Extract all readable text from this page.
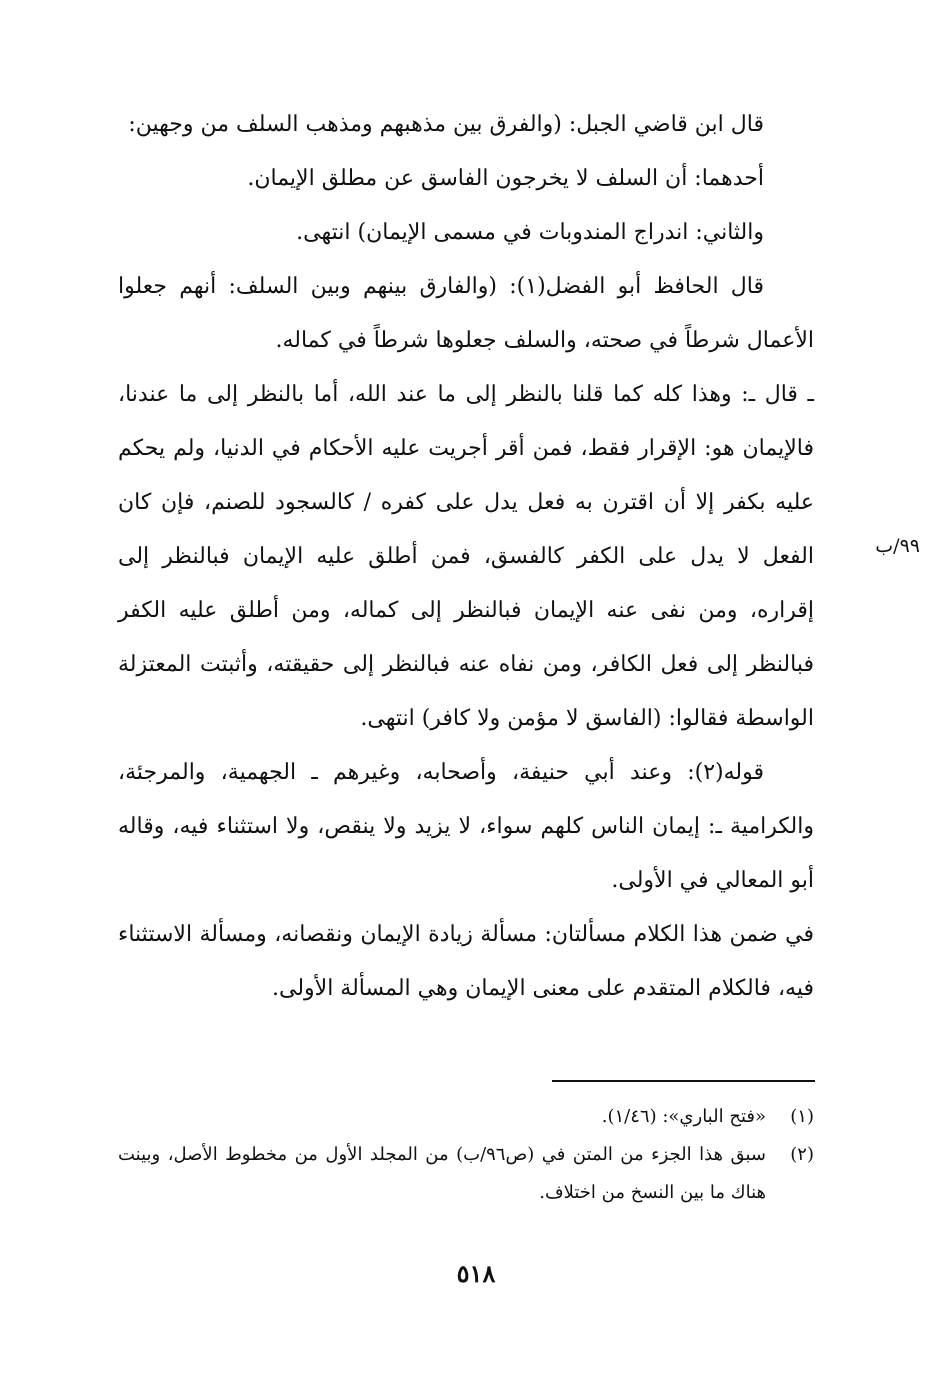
قال ابن قاضي الجبل: (والفرق بين مذهبهم ومذهب السلف من وجهين:

أحدهما: أن السلف لا يخرجون الفاسق عن مطلق الإيمان.

والثاني: اندراج المندوبات في مسمى الإيمان) انتهى.

قال الحافظ أبو الفضل(١): (والفارق بينهم وبين السلف: أنهم جعلوا الأعمال شرطاً في صحته، والسلف جعلوها شرطاً في كماله.

ـ قال ـ: وهذا كله كما قلنا بالنظر إلى ما عند الله، أما بالنظر إلى ما عندنا، فالإيمان هو: الإقرار فقط، فمن أقر أجريت عليه الأحكام في الدنيا، ولم يحكم عليه بكفر إلا أن اقترن به فعل يدل على كفره / كالسجود للصنم، فإن كان الفعل لا يدل على الكفر كالفسق، فمن أطلق عليه الإيمان فبالنظر إلى إقراره، ومن نفى عنه الإيمان فبالنظر إلى كماله، ومن أطلق عليه الكفر فبالنظر إلى فعل الكافر، ومن نفاه عنه فبالنظر إلى حقيقته، وأثبتت المعتزلة الواسطة فقالوا: (الفاسق لا مؤمن ولا كافر) انتهى.

قوله(٢): وعند أبي حنيفة، وأصحابه، وغيرهم ـ الجهمية، والمرجئة، والكرامية ـ: إيمان الناس كلهم سواء، لا يزيد ولا ينقص، ولا استثناء فيه، وقاله أبو المعالي في الأولى.

في ضمن هذا الكلام مسألتان: مسألة زيادة الإيمان ونقصانه، ومسألة الاستثناء فيه، فالكلام المتقدم على معنى الإيمان وهي المسألة الأولى.

٩٩/ب
(١)
«فتح الباري»: (١/٤٦).
(٢)
سبق هذا الجزء من المتن في (ص٩٦/ب) من المجلد الأول من مخطوط الأصل، وبينت هناك ما بين النسخ من اختلاف.
٥١٨
